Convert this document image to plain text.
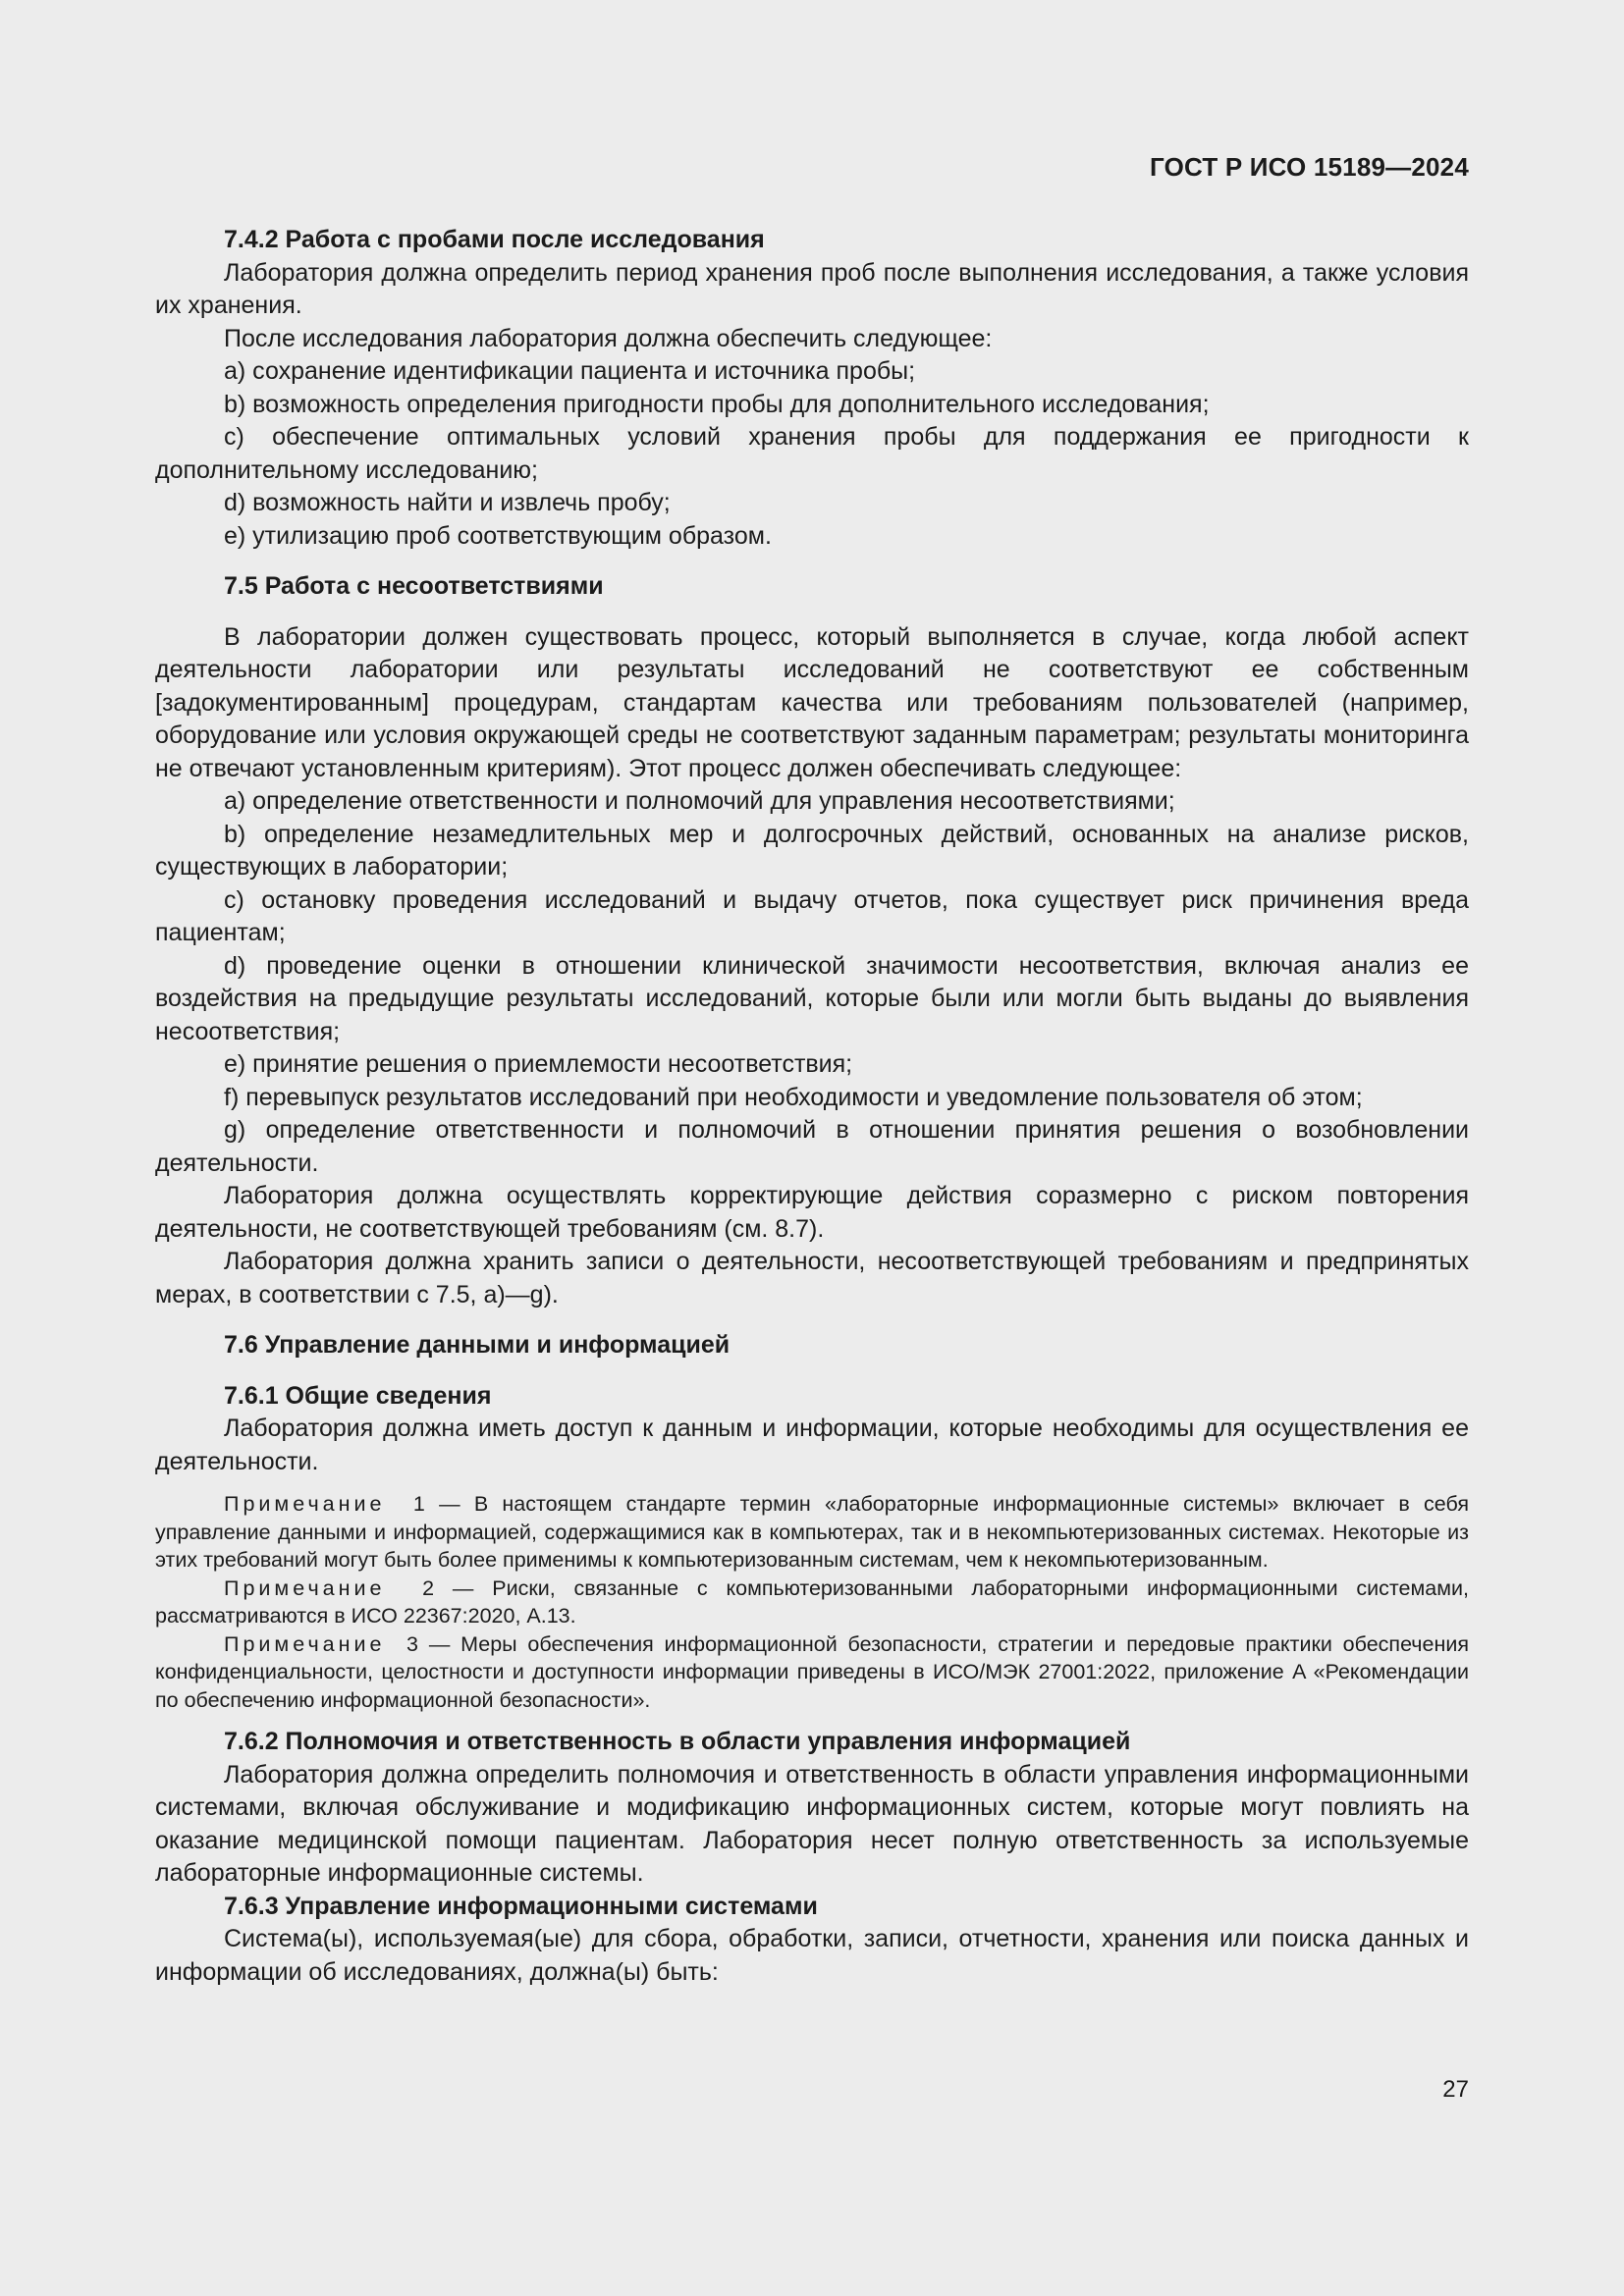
ГОСТ Р ИСО 15189—2024
7.4.2 Работа с пробами после исследования

Лаборатория должна определить период хранения проб после выполнения исследования, а также условия их хранения.

После исследования лаборатория должна обеспечить следующее:

a) сохранение идентификации пациента и источника пробы;

b) возможность определения пригодности пробы для дополнительного исследования;

c) обеспечение оптимальных условий хранения пробы для поддержания ее пригодности к дополнительному исследованию;

d) возможность найти и извлечь пробу;

e) утилизацию проб соответствующим образом.

7.5 Работа с несоответствиями

В лаборатории должен существовать процесс, который выполняется в случае, когда любой аспект деятельности лаборатории или результаты исследований не соответствуют ее собственным [задокументированным] процедурам, стандартам качества или требованиям пользователей (например, оборудование или условия окружающей среды не соответствуют заданным параметрам; результаты мониторинга не отвечают установленным критериям). Этот процесс должен обеспечивать следующее:

a) определение ответственности и полномочий для управления несоответствиями;

b) определение незамедлительных мер и долгосрочных действий, основанных на анализе рисков, существующих в лаборатории;

c) остановку проведения исследований и выдачу отчетов, пока существует риск причинения вреда пациентам;

d) проведение оценки в отношении клинической значимости несоответствия, включая анализ ее воздействия на предыдущие результаты исследований, которые были или могли быть выданы до выявления несоответствия;

e) принятие решения о приемлемости несоответствия;

f) перевыпуск результатов исследований при необходимости и уведомление пользователя об этом;

g) определение ответственности и полномочий в отношении принятия решения о возобновлении деятельности.

Лаборатория должна осуществлять корректирующие действия соразмерно с риском повторения деятельности, не соответствующей требованиям (см. 8.7).

Лаборатория должна хранить записи о деятельности, несоответствующей требованиям и предпринятых мерах, в соответствии с 7.5, a)—g).

7.6 Управление данными и информацией
7.6.1 Общие сведения

Лаборатория должна иметь доступ к данным и информации, которые необходимы для осуществления ее деятельности.

Примечание 1 — В настоящем стандарте термин «лабораторные информационные системы» включает в себя управление данными и информацией, содержащимися как в компьютерах, так и в некомпьютеризованных системах. Некоторые из этих требований могут быть более применимы к компьютеризованным системам, чем к некомпьютеризованным.

Примечание 2 — Риски, связанные с компьютеризованными лабораторными информационными системами, рассматриваются в ИСО 22367:2020, A.13.

Примечание 3 — Меры обеспечения информационной безопасности, стратегии и передовые практики обеспечения конфиденциальности, целостности и доступности информации приведены в ИСО/МЭК 27001:2022, приложение A «Рекомендации по обеспечению информационной безопасности».

7.6.2 Полномочия и ответственность в области управления информацией

Лаборатория должна определить полномочия и ответственность в области управления информационными системами, включая обслуживание и модификацию информационных систем, которые могут повлиять на оказание медицинской помощи пациентам. Лаборатория несет полную ответственность за используемые лабораторные информационные системы.

7.6.3 Управление информационными системами

Система(ы), используемая(ые) для сбора, обработки, записи, отчетности, хранения или поиска данных и информации об исследованиях, должна(ы) быть:

27
